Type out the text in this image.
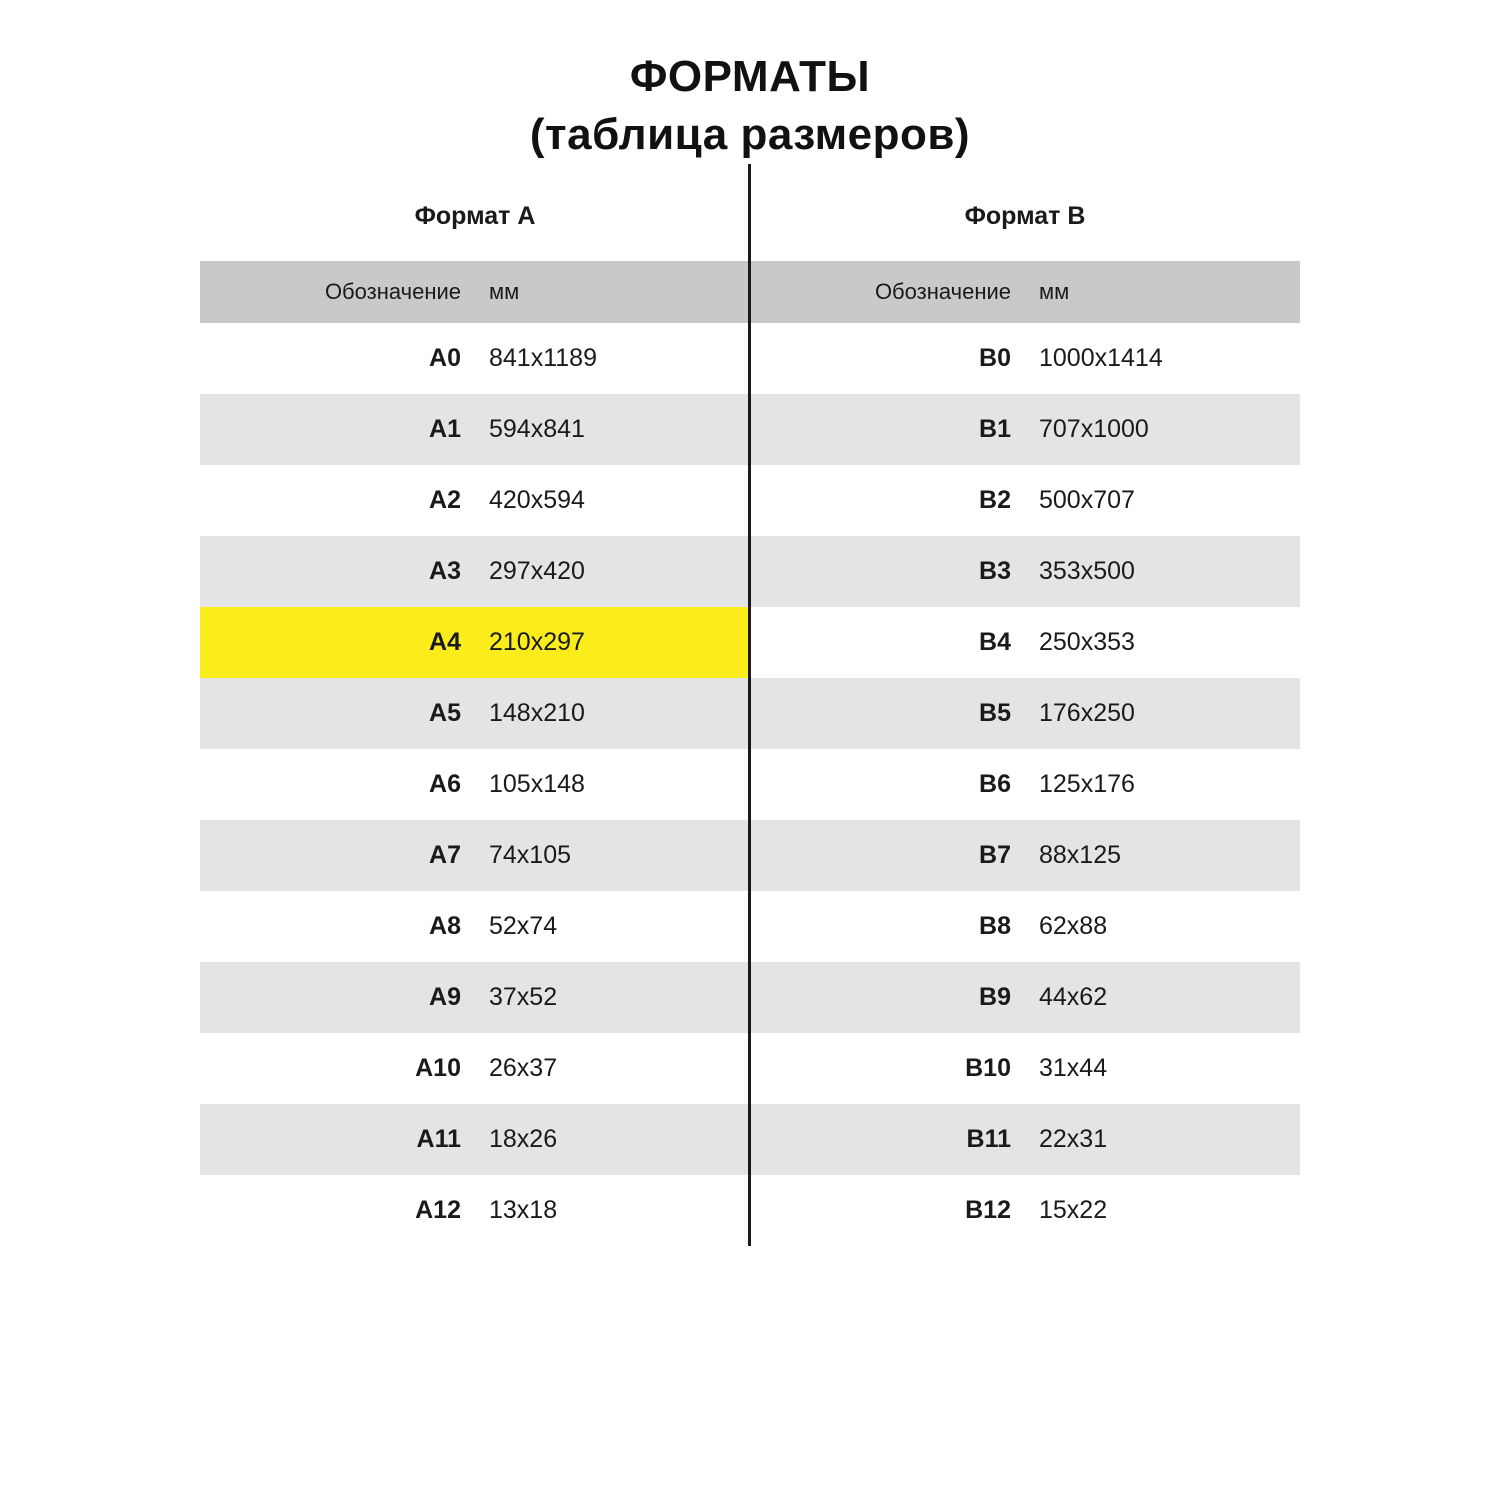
ФОРМАТЫ
(таблица размеров)
Формат А		Формат В	
Обозначение	мм	Обозначение	мм
A0	841x1189	B0	1000x1414
A1	594x841	B1	707x1000
A2	420x594	B2	500x707
A3	297x420	B3	353x500
A4	210x297	B4	250x353
A5	148x210	B5	176x250
A6	105x148	B6	125x176
A7	74x105	B7	88x125
A8	52x74	B8	62x88
A9	37x52	B9	44x62
A10	26x37	B10	31x44
A11	18x26	B11	22x31
A12	13x18	B12	15x22
